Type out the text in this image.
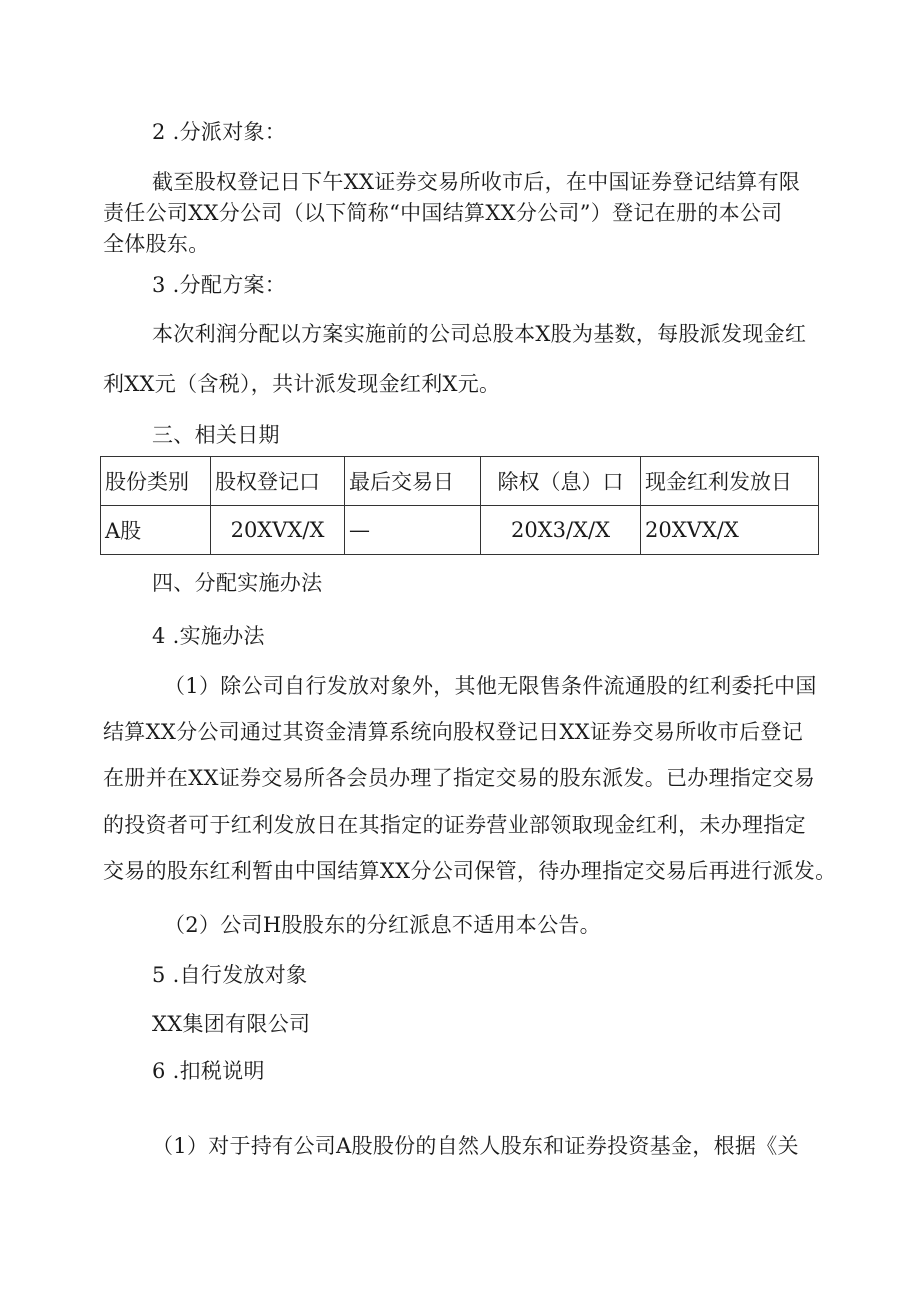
2 .分派对象：
截至股权登记日下午XX证券交易所收市后，在中国证券登记结算有限
责任公司XX分公司（以下简称“中国结算XX分公司”）登记在册的本公司
全体股东。
3 .分配方案：
本次利润分配以方案实施前的公司总股本X股为基数，每股派发现金红
利XX元（含税），共计派发现金红利X元。
三、相关日期
股份类别	股权登记口	最后交易日	除权（息）口	现金红利发放日
A股	20XVX/X	—	20X3/X/X	20XVX/X
四、分配实施办法
4 .实施办法
（1）除公司自行发放对象外，其他无限售条件流通股的红利委托中国
结算XX分公司通过其资金清算系统向股权登记日XX证券交易所收市后登记
在册并在XX证券交易所各会员办理了指定交易的股东派发。已办理指定交易
的投资者可于红利发放日在其指定的证券营业部领取现金红利，未办理指定
交易的股东红利暂由中国结算XX分公司保管，待办理指定交易后再进行派发。
（2）公司H股股东的分红派息不适用本公告。
5 .自行发放对象
XX集团有限公司
6 .扣税说明
（1）对于持有公司A股股份的自然人股东和证券投资基金，根据《关
